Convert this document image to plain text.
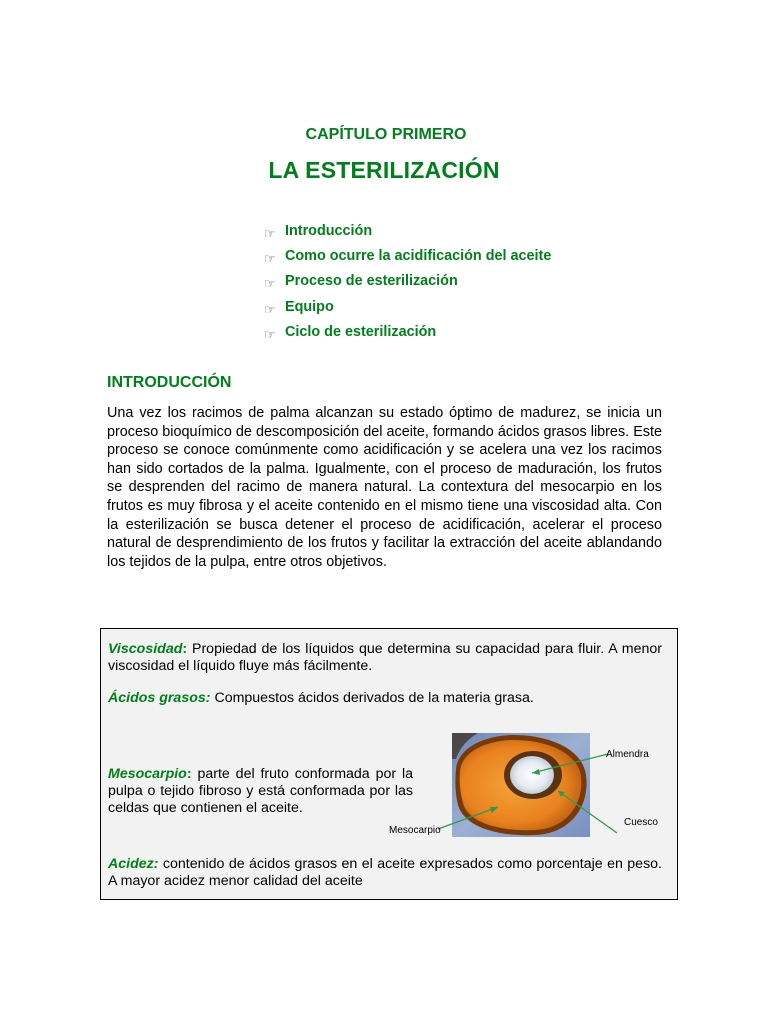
CAPÍTULO PRIMERO
LA ESTERILIZACIÓN
☞ Introducción
☞ Como ocurre la acidificación del aceite
☞ Proceso de esterilización
☞ Equipo
☞ Ciclo de esterilización
INTRODUCCIÓN

Una vez los racimos de palma alcanzan su estado óptimo de madurez, se inicia un proceso bioquímico de descomposición del aceite, formando ácidos grasos libres. Este proceso se conoce comúnmente como acidificación y se acelera una vez los racimos han sido cortados de la palma. Igualmente, con el proceso de maduración, los frutos se desprenden del racimo de manera natural. La contextura del mesocarpio en los frutos es muy fibrosa y el aceite contenido en el mismo tiene una viscosidad alta. Con la esterilización se busca detener el proceso de acidificación, acelerar el proceso natural de desprendimiento de los frutos y facilitar la extracción del aceite ablandando los tejidos de la pulpa, entre otros objetivos.

Viscosidad: Propiedad de los líquidos que determina su capacidad para fluir. A menor viscosidad el líquido fluye más fácilmente.

Ácidos grasos: Compuestos ácidos derivados de la materia grasa.

Mesocarpio: parte del fruto conformada por la pulpa o tejido fibroso y está conformada por las celdas que contienen el aceite.

Almendra
Cuesco
Mesocarpio

Acidez: contenido de ácidos grasos en el aceite expresados como porcentaje en peso. A mayor acidez menor calidad del aceite
